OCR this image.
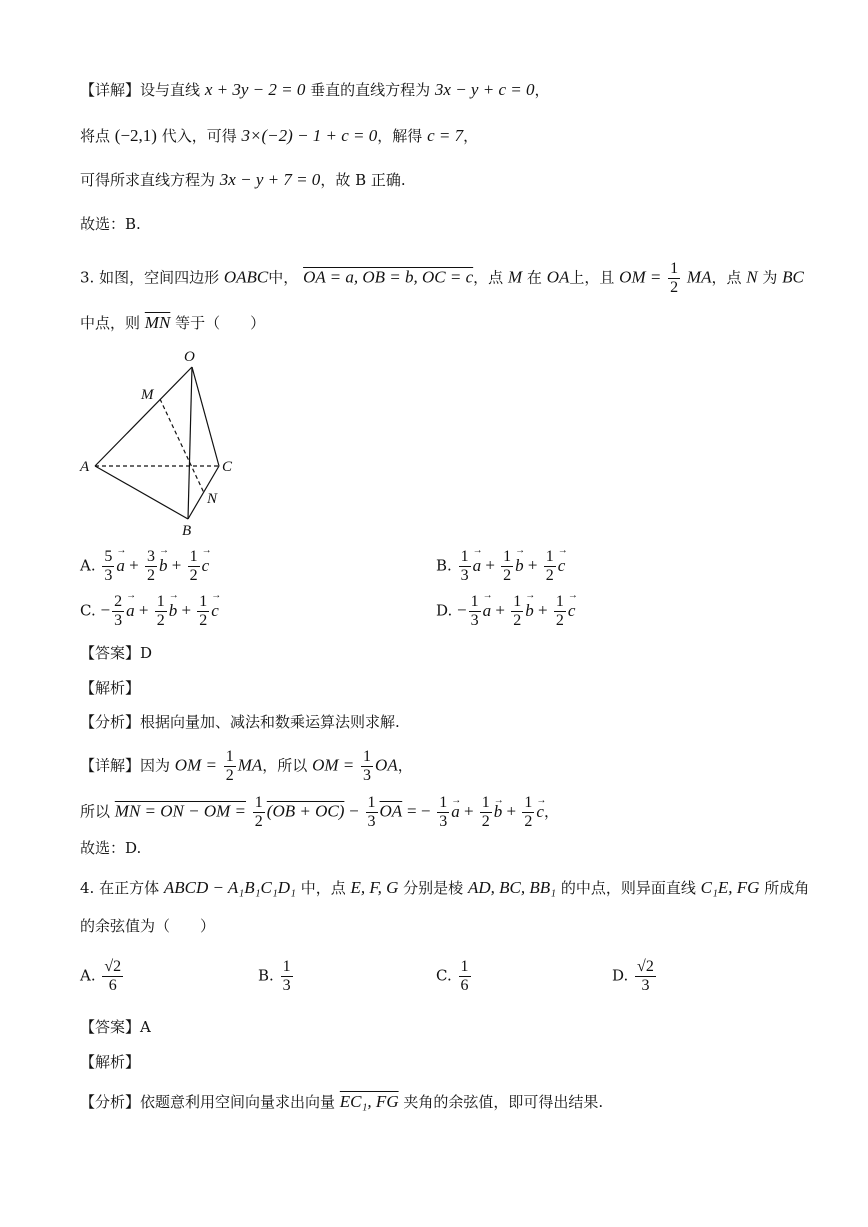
【详解】设与直线 x + 3y − 2 = 0 垂直的直线方程为 3x − y + c = 0，
将点 (−2,1) 代入，可得 3×(−2) − 1 + c = 0，解得 c = 7，
可得所求直线方程为 3x − y + 7 = 0，故 B 正确.
故选：B.
3. 如图，空间四边形 OABC中， OA = a, OB = b, OC = c，点 M 在 OA上，且 OM = $\frac{1}{2}$ MA，点 N 为 BC
中点，则 $\overline{MN}$ 等于（　　）
O
M
A	C
N
B
A. $\frac{5}{3}$ a → + $\frac{3}{2}$ b → + $\frac{1}{2}$ c →	B. $\frac{1}{3}$ a → + $\frac{1}{2}$ b → + $\frac{1}{2}$ c →
C. − $\frac{2}{3}$ a → + $\frac{1}{2}$ b → + $\frac{1}{2}$ c →	D. − $\frac{1}{3}$ a → + $\frac{1}{2}$ b → + $\frac{1}{2}$ c →
【答案】D
【解析】
【分析】根据向量加、减法和数乘运算法则求解.
【详解】因为 OM = $\frac{1}{2}$ MA，所以 OM = $\frac{1}{3}$ OA，
所以 MN = ON − OM = $\frac{1}{2} (OB + OC) - \frac{1}{3} \overline{OA}$ = − $\frac{1}{3}$ a → + $\frac{1}{2}$ b → + $\frac{1}{2}$ c →，
故选：D.
4. 在正方体 ABCD − A₁B₁C₁D₁ 中，点 E, F, G 分别是棱 AD, BC, BB₁ 的中点，则异面直线 C₁E, FG 所成角
的余弦值为（　　）
A. $\frac{√2}{6}$	B. $\frac{1}{3}$	C. $\frac{1}{6}$	D. $\frac{√2}{3}$
【答案】A
【解析】
【分析】依题意利用空间向量求出向量 EC₁, FG 夹角的余弦值，即可得出结果.
